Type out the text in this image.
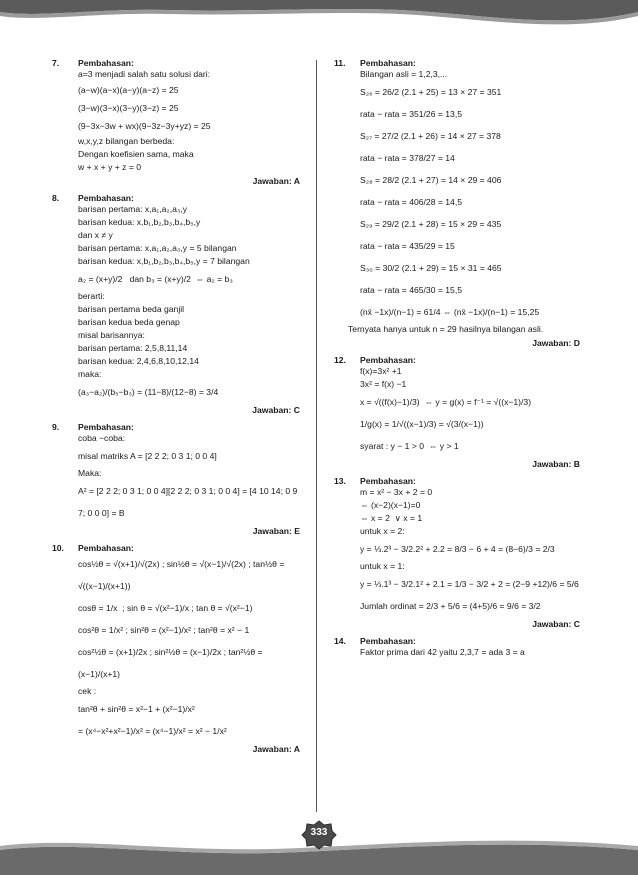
7.	Pembahasan:
a=3 menjadi salah satu solusi dari:
(a−w)(a−x)(a−y)(a−z) = 25
(3−w)(3−x)(3−y)(3−z) = 25
(9−3x−3w + wx)(9−3z−3y+yz) = 25
w,x,y,z bilangan berbeda:
Dengan koefisien sama, maka
w + x + y + z = 0
Jawaban: A
8.	Pembahasan:
barisan pertama: x,a₁,a₂,a₃,y
barisan kedua: x,b₁,b₂,b₃,b₄,b₅,y
dan x ≠ y
barisan pertama: x,a₁,a₂,a₃,y = 5 bilangan
barisan kedua: x,b₁,b₂,b₃,b₄,b₅,y = 7 bilangan
a₂ = (x+y)/2   dan b₃ = (x+y)/2  ⇔ a₂ = b₃
berarti:
barisan pertama beda ganjil
barisan kedua beda genap
misal barisannya:
barisan pertama: 2,5,8,11,14
barisan kedua: 2,4,6,8,10,12,14
maka:
(a₃−a₂)/(b₅−b₃) = (11−8)/(12−8) = 3/4
Jawaban: C
9.	Pembahasan:
coba −coba:
misal matriks A = [2 2 2; 0 3 1; 0 0 4]
Maka:
A² = [2 2 2; 0 3 1; 0 0 4][2 2 2; 0 3 1; 0 0 4] = [4 10 14; 0 9 7; 0 0 0] = B
Jawaban: E
10.	Pembahasan:
cos½θ = √(x+1)/√(2x) ; sin½θ = √(x−1)/√(2x) ; tan½θ = √((x−1)/(x+1))
cosθ = 1/x  ; sin θ = √(x²−1)/x ; tan θ = √(x²−1)
cos²θ = 1/x² ; sin²θ = (x²−1)/x² ; tan²θ = x² − 1
cos²½θ = (x+1)/2x ; sin²½θ = (x−1)/2x ; tan²½θ = (x−1)/(x+1)
cek :
tan²θ + sin²θ = x²−1 + (x²−1)/x²
= (x⁴−x²+x²−1)/x² = (x⁴−1)/x² = x² − 1/x²
Jawaban: A
11.	Pembahasan:
Bilangan asli = 1,2,3,...
S₂₆ = 26/2 (2.1 + 25) = 13 × 27 = 351
rata − rata = 351/26 = 13,5
S₂₇ = 27/2 (2.1 + 26) = 14 × 27 = 378
rata − rata = 378/27 = 14
S₂₈ = 28/2 (2.1 + 27) = 14 × 29 = 406
rata − rata = 406/28 = 14,5
S₂₉ = 29/2 (2.1 + 28) = 15 × 29 = 435
rata − rata = 435/29 = 15
S₃₀ = 30/2 (2.1 + 29) = 15 × 31 = 465
rata − rata = 465/30 = 15,5
(nx̄ −1x)/(n−1) = 61/4 ⇔ (nx̄ −1x)/(n−1) = 15,25
Ternyata hanya untuk n = 29 hasilnya bilangan asli.
Jawaban: D
12.	Pembahasan:
f(x)=3x² +1
3x² = f(x) −1
x = √((f(x)−1)/3)  ⇔ y = g(x) = f⁻¹ = √((x−1)/3)
1/g(x) = 1/√((x−1)/3) = √(3/(x−1))
syarat : y − 1 > 0  ⇔ y > 1
Jawaban: B
13.	Pembahasan:
m = x² − 3x + 2 = 0
⇔ (x−2)(x−1)=0
⇔ x = 2  ∨ x = 1
untuk x = 2:
y = ⅓.2³ − 3/2.2² + 2.2 = 8/3 − 6 + 4 = (8−6)/3 = 2/3
untuk x = 1:
y = ⅓.1³ − 3/2.1² + 2.1 = 1/3 − 3/2 + 2 = (2−9 +12)/6 = 5/6
Jumlah ordinat = 2/3 + 5/6 = (4+5)/6 = 9/6 = 3/2
Jawaban: C
14.	Pembahasan:
Faktor prima dari 42 yaitu 2,3,7 = ada 3 = a
333
